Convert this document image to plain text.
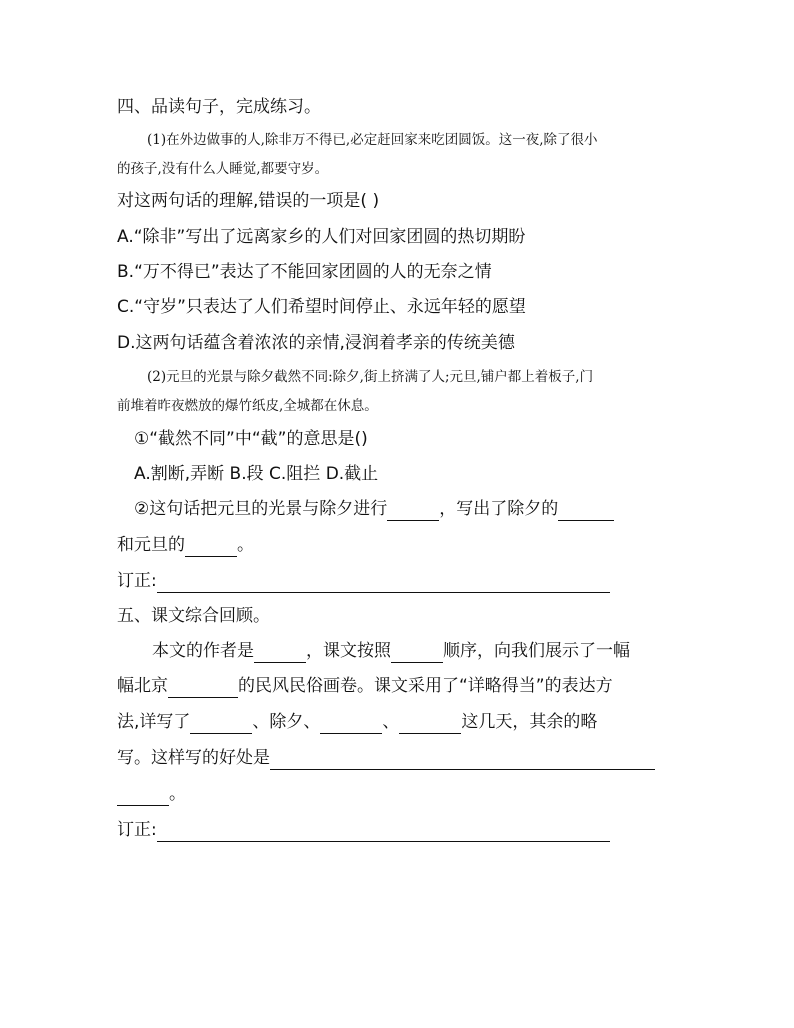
四、品读句子，完成练习。
(1)在外边做事的人,除非万不得已,必定赶回家来吃团圆饭。这一夜,除了很小
的孩子,没有什么人睡觉,都要守岁。
对这两句话的理解,错误的一项是( )
A.“除非”写出了远离家乡的人们对回家团圆的热切期盼
B.“万不得已”表达了不能回家团圆的人的无奈之情
C.“守岁”只表达了人们希望时间停止、永远年轻的愿望
D.这两句话蕴含着浓浓的亲情,浸润着孝亲的传统美德
(2)元旦的光景与除夕截然不同:除夕,街上挤满了人;元旦,铺户都上着板子,门
前堆着昨夜燃放的爆竹纸皮,全城都在休息。
①“截然不同”中“截”的意思是()
A.割断,弄断 B.段 C.阻拦 D.截止
②这句话把元旦的光景与除夕进行	，写出了除夕的
和元旦的	。
订正:
五、课文综合回顾。
本文的作者是	，课文按照	顺序，向我们展示了一幅
幅北京	的民风民俗画卷。课文采用了“详略得当”的表达方
法,详写了	、除夕、	、	这几天，其余的略
写。这样写的好处是
。
订正:
